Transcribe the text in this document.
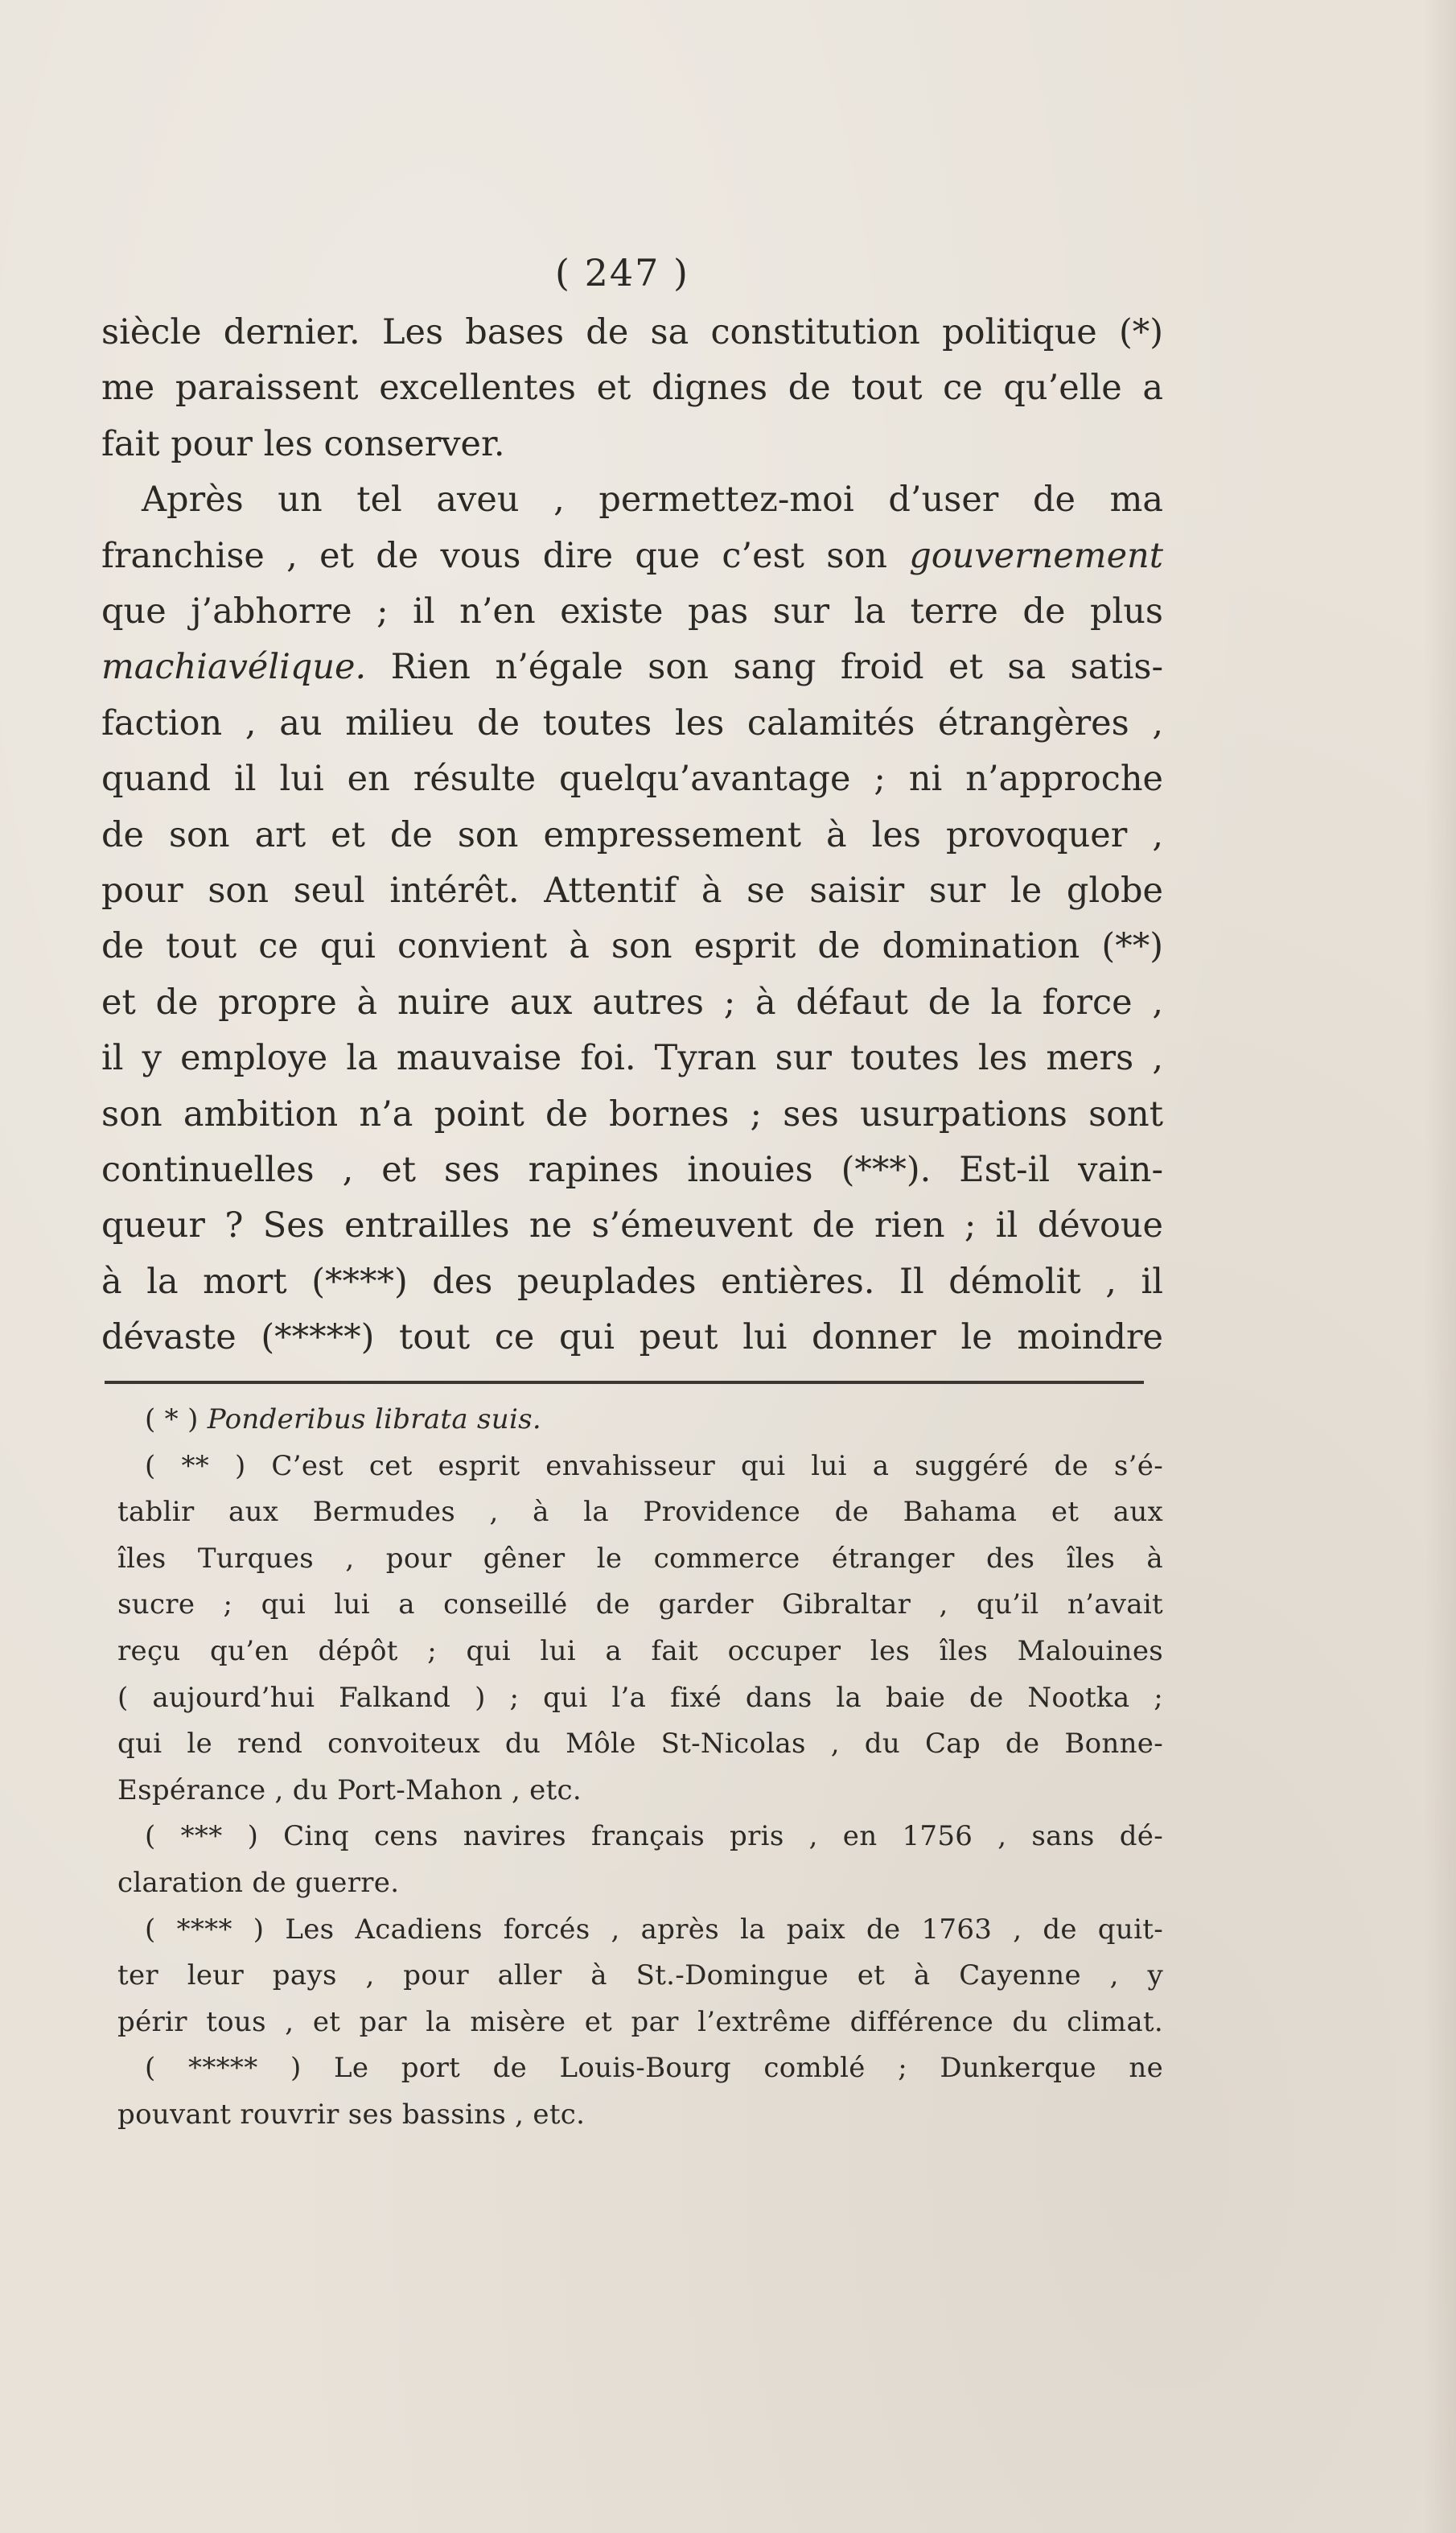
( 247 )
siècle dernier. Les bases de sa constitution politique (*)
me paraissent excellentes et dignes de tout ce qu’elle a
fait pour les conserver.
Après un tel aveu , permettez-moi d’user de ma
franchise , et de vous dire que c’est son gouvernement
que j’abhorre ; il n’en existe pas sur la terre de plus
machiavélique. Rien n’égale son sang froid et sa satis-
faction , au milieu de toutes les calamités étrangères ,
quand il lui en résulte quelqu’avantage ; ni n’approche
de son art et de son empressement à les provoquer ,
pour son seul intérêt. Attentif à se saisir sur le globe
de tout ce qui convient à son esprit de domination (**)
et de propre à nuire aux autres ; à défaut de la force ,
il y employe la mauvaise foi. Tyran sur toutes les mers ,
son ambition n’a point de bornes ; ses usurpations sont
continuelles , et ses rapines inouies (***). Est-il vain-
queur ? Ses entrailles ne s’émeuvent de rien ; il dévoue
à la mort (****) des peuplades entières. Il démolit , il
dévaste (*****) tout ce qui peut lui donner le moindre
( * ) Ponderibus librata suis.
( ** ) C’est cet esprit envahisseur qui lui a suggéré de s’é-
tablir aux Bermudes , à la Providence de Bahama et aux
îles Turques , pour gêner le commerce étranger des îles à
sucre ; qui lui a conseillé de garder Gibraltar , qu’il n’avait
reçu qu’en dépôt ; qui lui a fait occuper les îles Malouines
( aujourd’hui Falkand ) ; qui l’a fixé dans la baie de Nootka ;
qui le rend convoiteux du Môle St-Nicolas , du Cap de Bonne-
Espérance , du Port-Mahon , etc.
( *** ) Cinq cens navires français pris , en 1756 , sans dé-
claration de guerre.
( **** ) Les Acadiens forcés , après la paix de 1763 , de quit-
ter leur pays , pour aller à St.-Domingue et à Cayenne , y
périr tous , et par la misère et par l’extrême différence du climat.
( ***** ) Le port de Louis-Bourg comblé ; Dunkerque ne
pouvant rouvrir ses bassins , etc.
